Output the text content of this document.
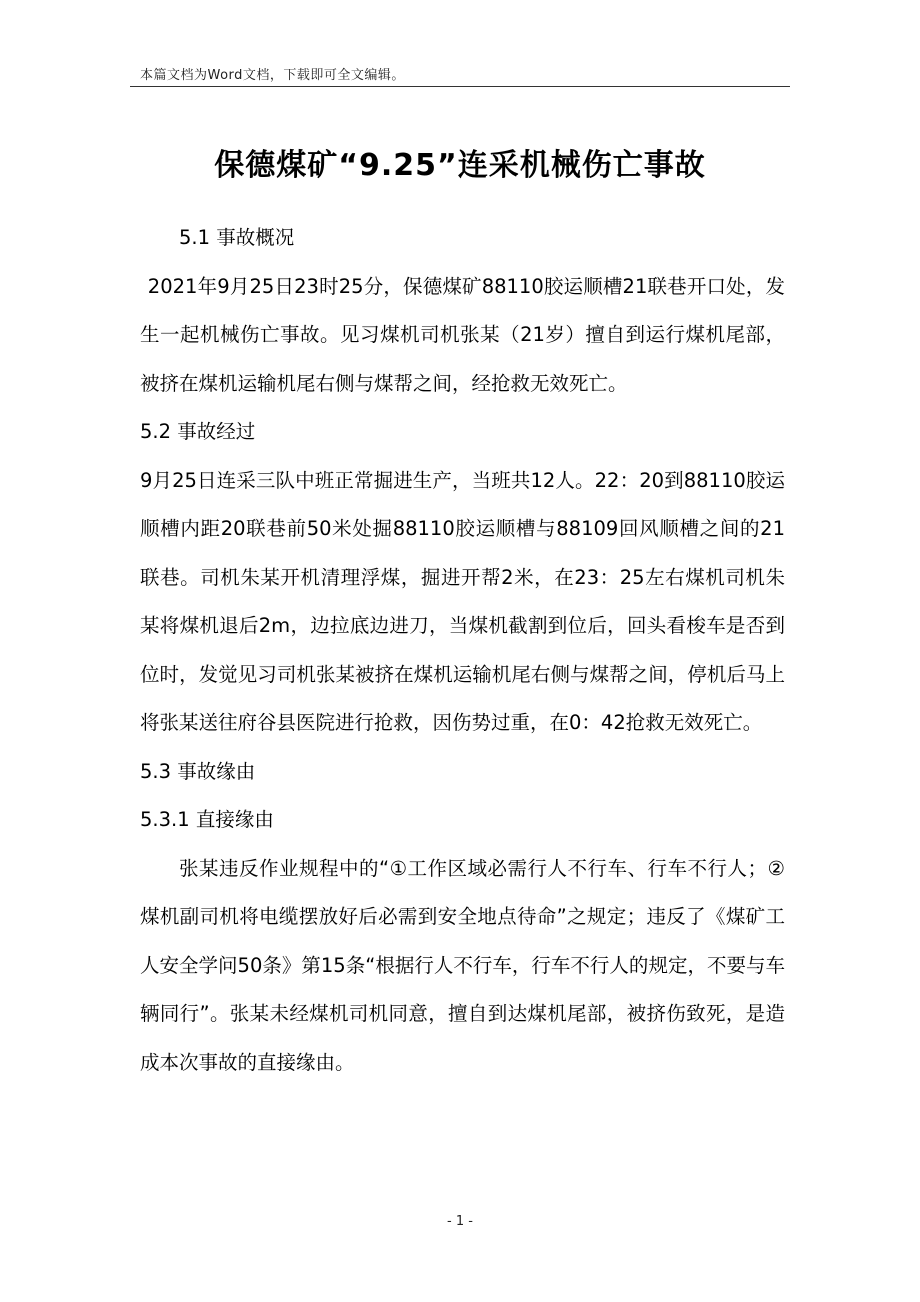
本篇文档为Word文档，下载即可全文编辑。
保德煤矿“9.25”连采机械伤亡事故

5.1 事故概况

2021年9月25日23时25分，保德煤矿88110胶运顺槽21联巷开口处，发生一起机械伤亡事故。见习煤机司机张某（21岁）擅自到运行煤机尾部，被挤在煤机运输机尾右侧与煤帮之间，经抢救无效死亡。

5.2 事故经过

9月25日连采三队中班正常掘进生产，当班共12人。22：20到88110胶运顺槽内距20联巷前50米处掘88110胶运顺槽与88109回风顺槽之间的21联巷。司机朱某开机清理浮煤，掘进开帮2米，在23：25左右煤机司机朱某将煤机退后2m，边拉底边进刀，当煤机截割到位后，回头看梭车是否到位时，发觉见习司机张某被挤在煤机运输机尾右侧与煤帮之间，停机后马上将张某送往府谷县医院进行抢救，因伤势过重，在0：42抢救无效死亡。

5.3 事故缘由

5.3.1 直接缘由

张某违反作业规程中的“①工作区域必需行人不行车、行车不行人；②煤机副司机将电缆摆放好后必需到安全地点待命”之规定；违反了《煤矿工人安全学问50条》第15条“根据行人不行车，行车不行人的规定，不要与车辆同行”。张某未经煤机司机同意，擅自到达煤机尾部，被挤伤致死，是造成本次事故的直接缘由。

- 1 -
